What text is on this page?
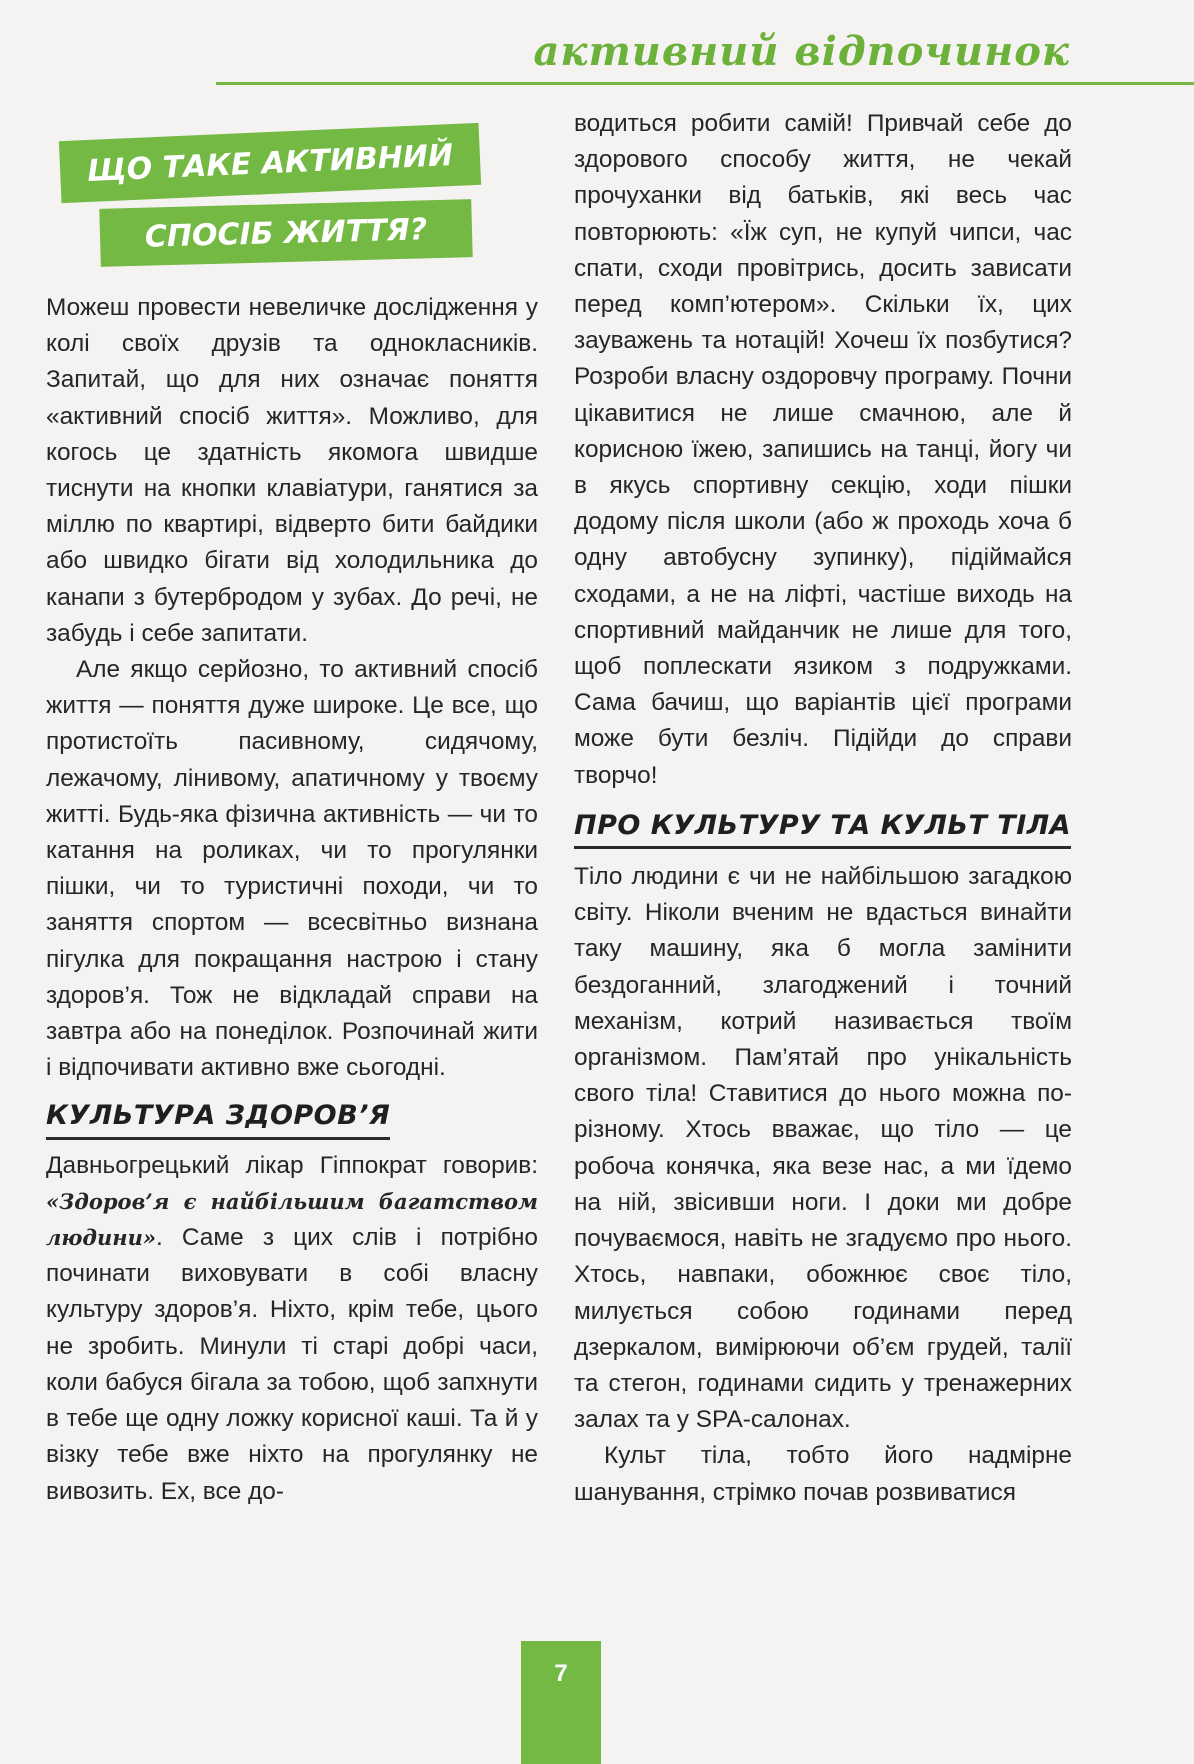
активний відпочинок
ЩО ТАКЕ АКТИВНИЙ
СПОСІБ ЖИТТЯ?

Можеш провести невеличке дослідження у колі своїх друзів та однокласників. Запитай, що для них означає поняття «активний спосіб життя». Можливо, для когось це здатність якомога швидше тиснути на кнопки клавіатури, ганятися за міллю по квартирі, відверто бити байдики або швидко бігати від холодильника до канапи з бутербродом у зубах. До речі, не забудь і себе запитати.

Але якщо серйозно, то активний спосіб життя — поняття дуже широке. Це все, що протистоїть пасивному, сидячому, лежачому, лінивому, апатичному у твоєму житті. Будь-яка фізична активність — чи то катання на роликах, чи то прогулянки пішки, чи то туристичні походи, чи то заняття спортом — всесвітньо визнана пігулка для покращання настрою і стану здоров’я. Тож не відкладай справи на завтра або на понеділок. Розпочинай жити і відпочивати активно вже сьогодні.

КУЛЬТУРА ЗДОРОВ’Я

Давньогрецький лікар Гіппократ говорив: «Здоров’я є найбільшим багатством людини». Саме з цих слів і потрібно починати виховувати в собі власну культуру здоров’я. Ніхто, крім тебе, цього не зробить. Минули ті старі добрі часи, коли бабуся бігала за тобою, щоб запхнути в тебе ще одну ложку корисної каші. Та й у візку тебе вже ніхто на прогулянку не вивозить. Ех, все до-

водиться робити самій! Привчай себе до здорового способу життя, не чекай прочуханки від батьків, які весь час повторюють: «Їж суп, не купуй чипси, час спати, сходи провітрись, досить зависати перед комп’ютером». Скільки їх, цих зауважень та нотацій! Хочеш їх позбутися? Розроби власну оздоровчу програму. Почни цікавитися не лише смачною, але й корисною їжею, запишись на танці, йогу чи в якусь спортивну секцію, ходи пішки додому після школи (або ж проходь хоча б одну автобусну зупинку), підіймайся сходами, а не на ліфті, частіше виходь на спортивний майданчик не лише для того, щоб поплескати язиком з подружками. Сама бачиш, що варіантів цієї програми може бути безліч. Підійди до справи творчо!

ПРО КУЛЬТУРУ ТА КУЛЬТ ТІЛА

Тіло людини є чи не найбільшою загадкою світу. Ніколи вченим не вдасться винайти таку машину, яка б могла замінити бездоганний, злагоджений і точний механізм, котрий називається твоїм організмом. Пам’ятай про унікальність свого тіла! Ставитися до нього можна по-різному. Хтось вважає, що тіло — це робоча конячка, яка везе нас, а ми їдемо на ній, звісивши ноги. І доки ми добре почуваємося, навіть не згадуємо про нього. Хтось, навпаки, обожнює своє тіло, милується собою годинами перед дзеркалом, вимірюючи об’єм грудей, талії та стегон, годинами сидить у тренажерних залах та у SPA-салонах.

Культ тіла, тобто його надмірне шанування, стрімко почав розвиватися

7
